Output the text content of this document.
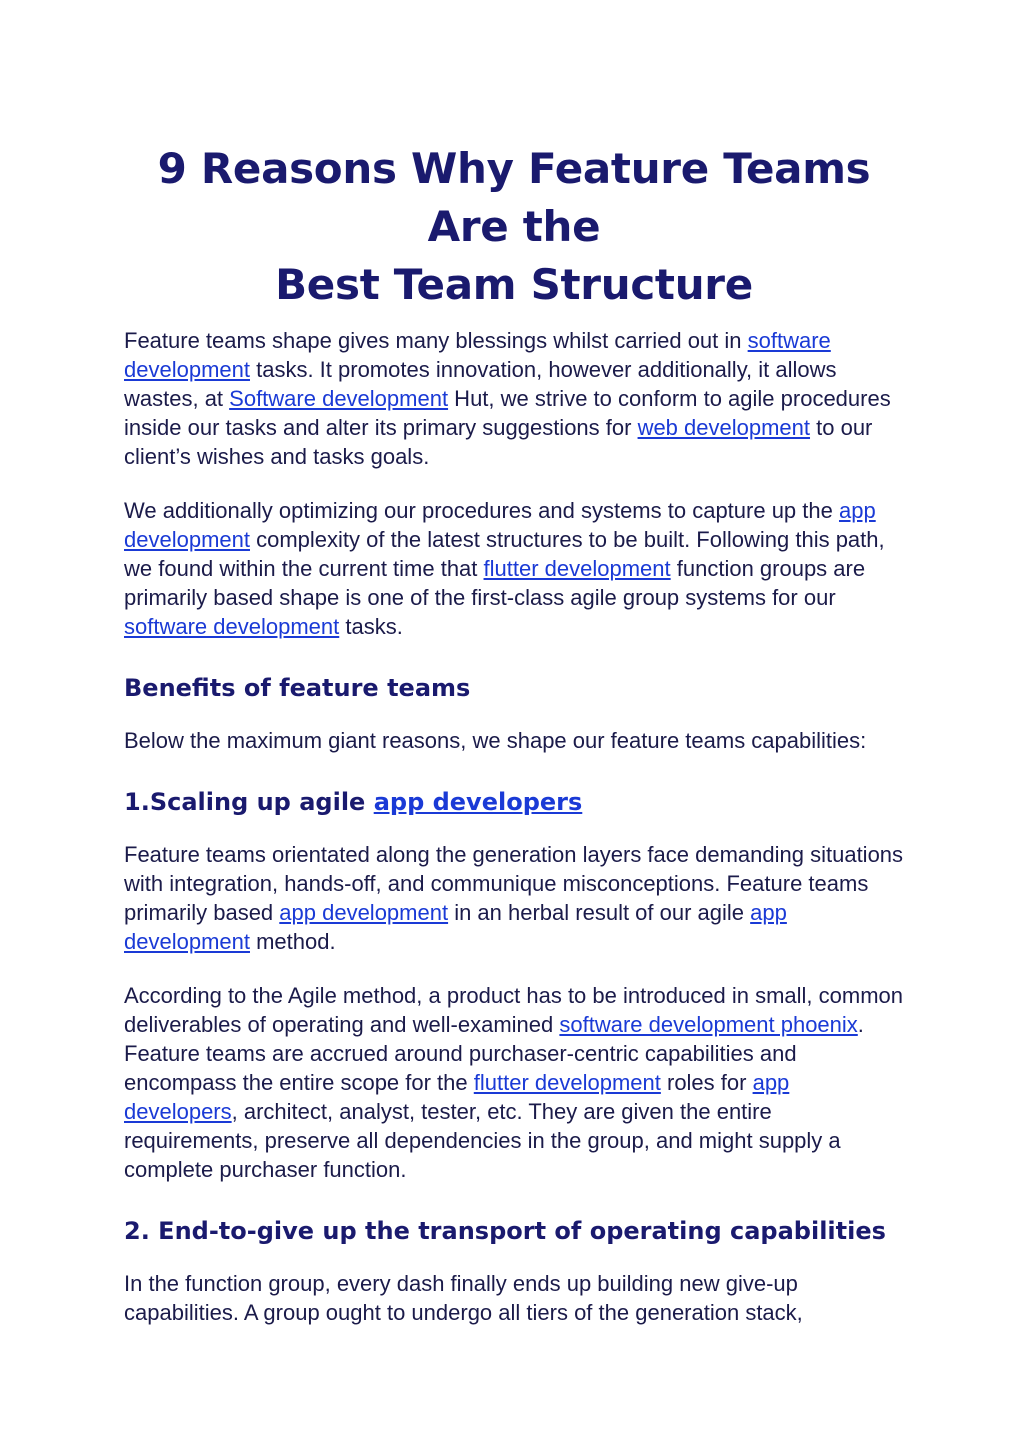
9 Reasons Why Feature Teams Are the
Best Team Structure

Feature teams shape gives many blessings whilst carried out in software development tasks. It promotes innovation, however additionally, it allows wastes, at Software development Hut, we strive to conform to agile procedures inside our tasks and alter its primary suggestions for web development to our client’s wishes and tasks goals.

We additionally optimizing our procedures and systems to capture up the app development complexity of the latest structures to be built. Following this path, we found within the current time that flutter development function groups are primarily based shape is one of the first-class agile group systems for our software development tasks.

Benefits of feature teams

Below the maximum giant reasons, we shape our feature teams capabilities:

1.Scaling up agile app developers

Feature teams orientated along the generation layers face demanding situations with integration, hands-off, and communique misconceptions. Feature teams primarily based app development in an herbal result of our agile app development method.

According to the Agile method, a product has to be introduced in small, common deliverables of operating and well-examined software development phoenix. Feature teams are accrued around purchaser-centric capabilities and encompass the entire scope for the flutter development roles for app developers, architect, analyst, tester, etc. They are given the entire requirements, preserve all dependencies in the group, and might supply a complete purchaser function.

2. End-to-give up the transport of operating capabilities

In the function group, every dash finally ends up building new give-up capabilities. A group ought to undergo all tiers of the generation stack,
